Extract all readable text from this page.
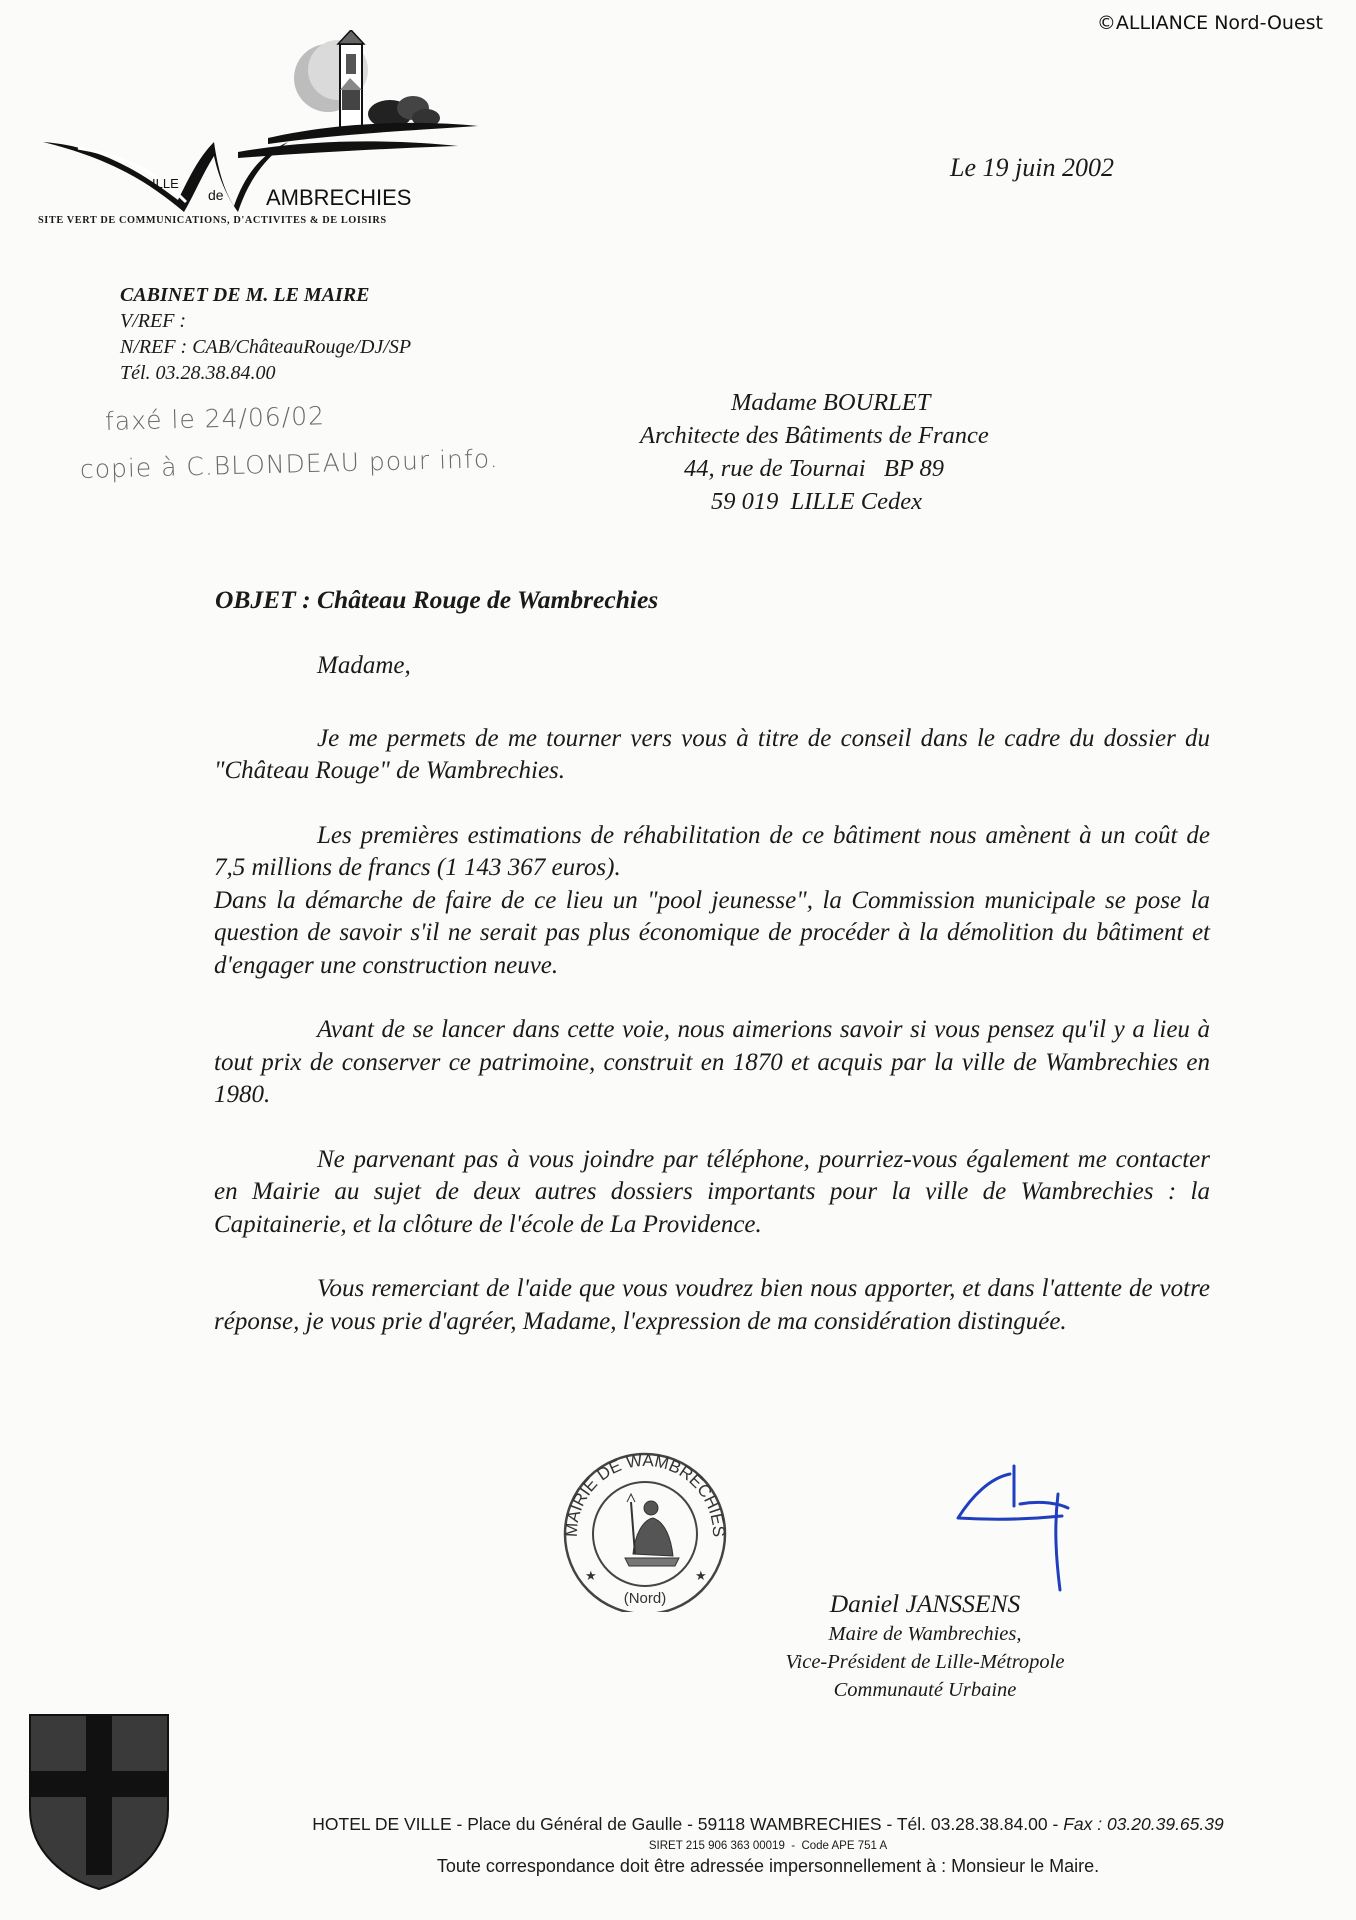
©ALLIANCE Nord-Ouest
ILLE
de AMBRECHIES
SITE VERT DE COMMUNICATIONS, D'ACTIVITES & DE LOISIRS
Le 19 juin 2002
CABINET DE M. LE MAIRE
V/REF :
N/REF : CAB/ChâteauRouge/DJ/SP
Tél. 03.28.38.84.00
faxé le 24/06/02
copie à C.BLONDEAU pour info.
Madame BOURLET
Architecte des Bâtiments de France
44, rue de Tournai   BP 89
59 019  LILLE Cedex
OBJET : Château Rouge de Wambrechies

Madame,

Je me permets de me tourner vers vous à titre de conseil dans le cadre du dossier du "Château Rouge" de Wambrechies.

Les premières estimations de réhabilitation de ce bâtiment nous amènent à un coût de 7,5 millions de francs (1 143 367 euros).

Dans la démarche de faire de ce lieu un "pool jeunesse", la Commission municipale se pose la question de savoir s'il ne serait pas plus économique de procéder à la démolition du bâtiment et d'engager une construction neuve.

Avant de se lancer dans cette voie, nous aimerions savoir si vous pensez qu'il y a lieu à tout prix de conserver ce patrimoine, construit en 1870 et acquis par la ville de Wambrechies en 1980.

Ne parvenant pas à vous joindre par téléphone, pourriez-vous également me contacter en Mairie au sujet de deux autres dossiers importants pour la ville de Wambrechies : la Capitainerie, et la clôture de l'école de La Providence.

Vous remerciant de l'aide que vous voudrez bien nous apporter, et dans l'attente de votre réponse, je vous prie d'agréer, Madame, l'expression de ma considération distinguée.

MAIRIE DE WAMBRECHIES
(Nord)
★	★
Daniel JANSSENS
Maire de Wambrechies,
Vice-Président de Lille-Métropole
Communauté Urbaine
HOTEL DE VILLE - Place du Général de Gaulle - 59118 WAMBRECHIES - Tél. 03.28.38.84.00 - Fax : 03.20.39.65.39
SIRET 215 906 363 00019  -  Code APE 751 A
Toute correspondance doit être adressée impersonnellement à : Monsieur le Maire.
